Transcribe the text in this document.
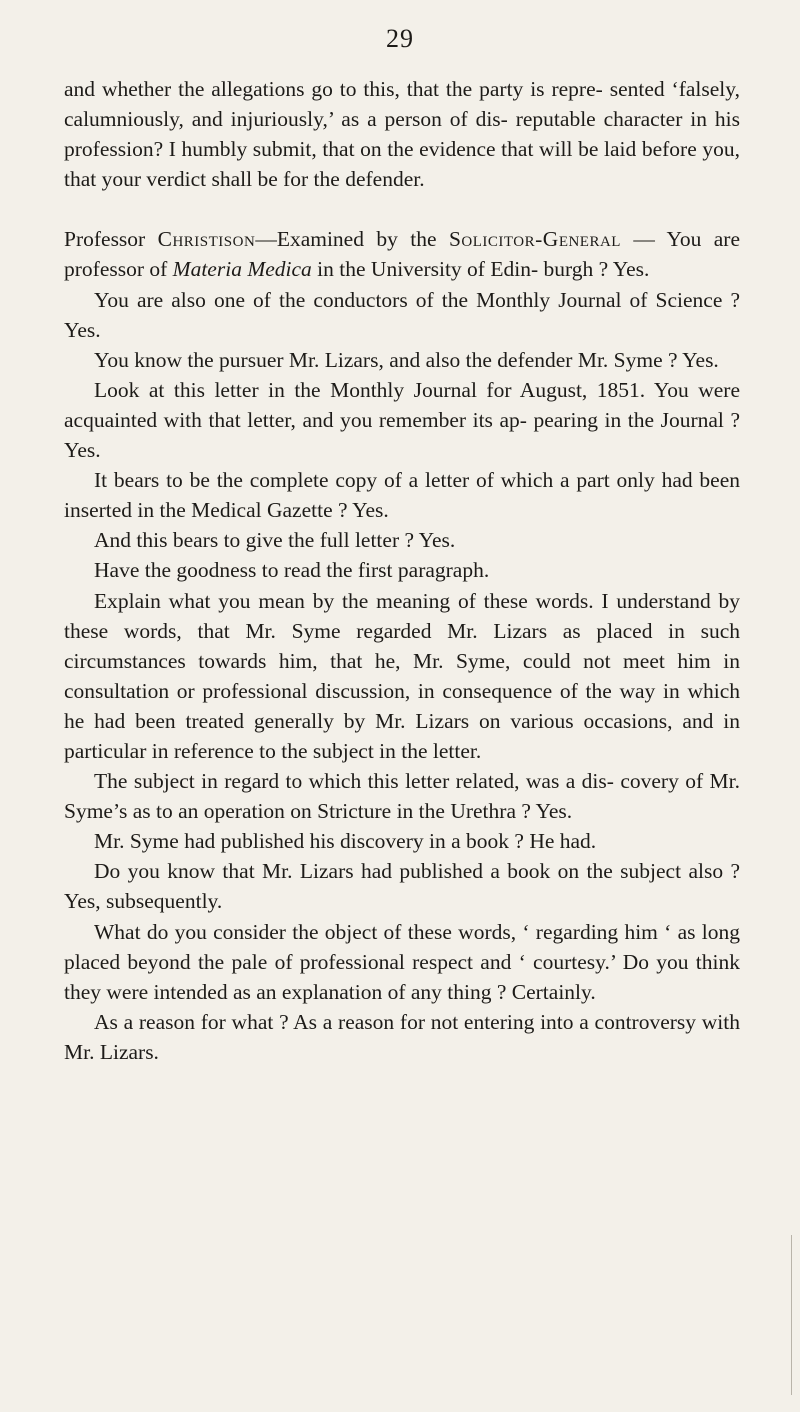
29

and whether the allegations go to this, that the party is repre- sented ‘falsely, calumniously, and injuriously,’ as a person of dis- reputable character in his profession? I humbly submit, that on the evidence that will be laid before you, that your verdict shall be for the defender.

Professor Christison—Examined by the Solicitor-General — You are professor of Materia Medica in the University of Edin- burgh ? Yes.

You are also one of the conductors of the Monthly Journal of Science ? Yes.

You know the pursuer Mr. Lizars, and also the defender Mr. Syme ? Yes.

Look at this letter in the Monthly Journal for August, 1851. You were acquainted with that letter, and you remember its ap- pearing in the Journal ? Yes.

It bears to be the complete copy of a letter of which a part only had been inserted in the Medical Gazette ? Yes.

And this bears to give the full letter ? Yes.

Have the goodness to read the first paragraph.

Explain what you mean by the meaning of these words. I understand by these words, that Mr. Syme regarded Mr. Lizars as placed in such circumstances towards him, that he, Mr. Syme, could not meet him in consultation or professional discussion, in consequence of the way in which he had been treated generally by Mr. Lizars on various occasions, and in particular in reference to the subject in the letter.

The subject in regard to which this letter related, was a dis- covery of Mr. Syme’s as to an operation on Stricture in the Urethra ? Yes.

Mr. Syme had published his discovery in a book ? He had.

Do you know that Mr. Lizars had published a book on the subject also ? Yes, subsequently.

What do you consider the object of these words, ‘ regarding him ‘ as long placed beyond the pale of professional respect and ‘ courtesy.’ Do you think they were intended as an explanation of any thing ? Certainly.

As a reason for what ? As a reason for not entering into a controversy with Mr. Lizars.
